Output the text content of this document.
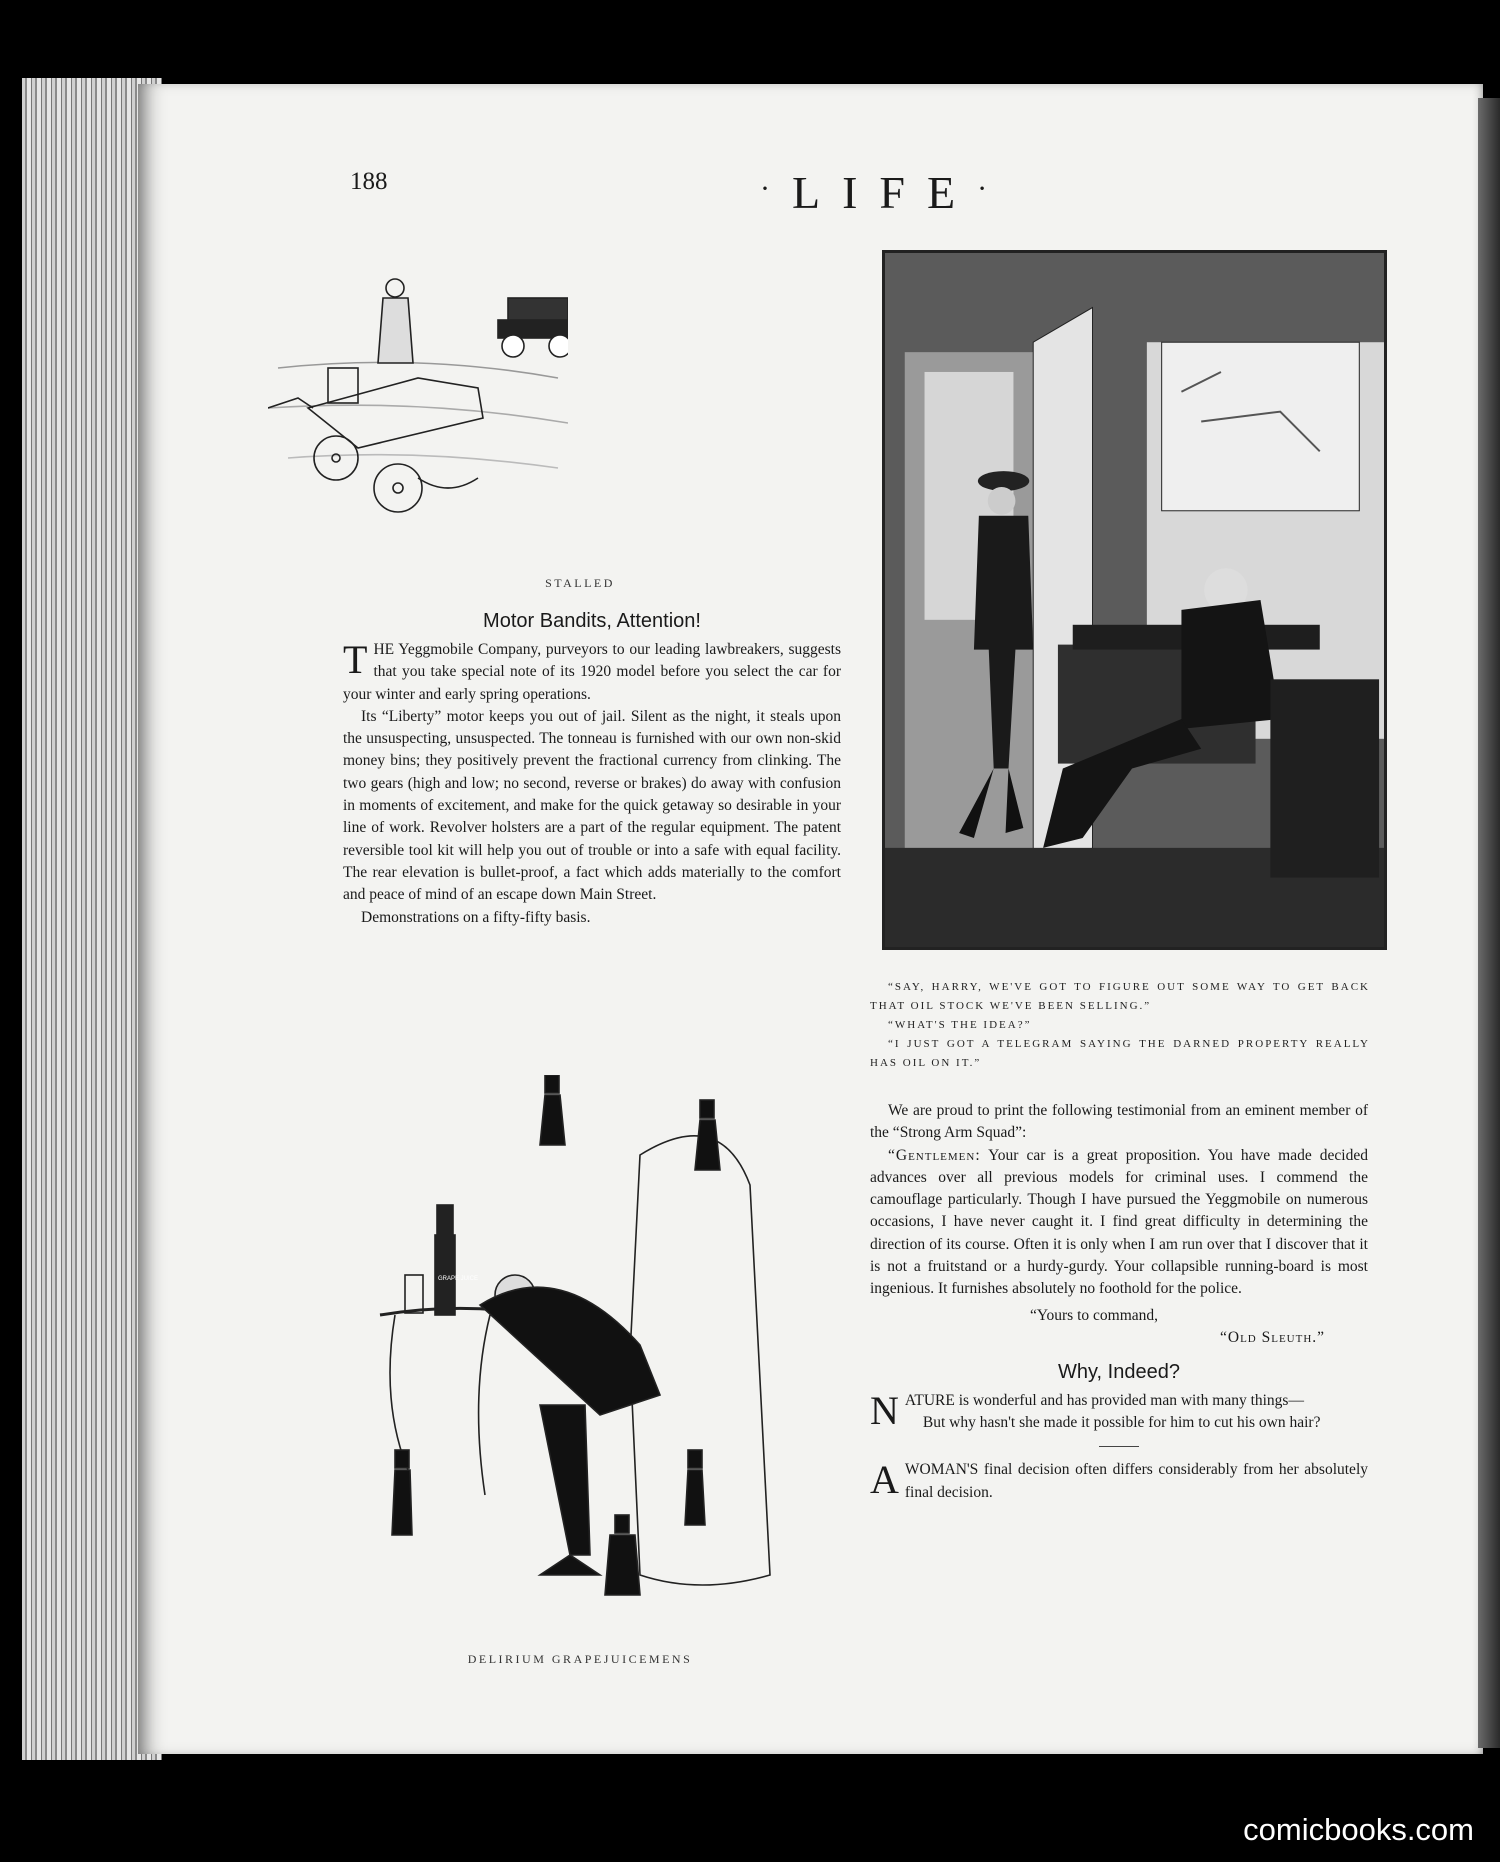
188	·LIFE·
STALLED
Motor Bandits, Attention!

THE Yeggmobile Company, purveyors to our leading lawbreakers, suggests that you take special note of its 1920 model before you select the car for your winter and early spring operations.

Its “Liberty” motor keeps you out of jail. Silent as the night, it steals upon the unsuspecting, unsuspected. The tonneau is furnished with our own non-skid money bins; they positively prevent the fractional currency from clinking. The two gears (high and low; no second, reverse or brakes) do away with confusion in moments of excitement, and make for the quick getaway so desirable in your line of work. Revolver holsters are a part of the regular equipment. The patent reversible tool kit will help you out of trouble or into a safe with equal facility. The rear elevation is bullet-proof, a fact which adds materially to the comfort and peace of mind of an escape down Main Street.

Demonstrations on a fifty-fifty basis.

“SAY, HARRY, WE'VE GOT TO FIGURE OUT SOME WAY TO GET BACK THAT OIL STOCK WE'VE BEEN SELLING.”
“WHAT'S THE IDEA?”
“I JUST GOT A TELEGRAM SAYING THE DARNED PROPERTY REALLY HAS OIL ON IT.”
GRAPE JUICE
DELIRIUM GRAPEJUICEMENS

We are proud to print the following testimonial from an eminent member of the “Strong Arm Squad”:

“Gentlemen: Your car is a great proposition. You have made decided advances over all previous models for criminal uses. I commend the camouflage particularly. Though I have pursued the Yeggmobile on numerous occasions, I have never caught it. I find great difficulty in determining the direction of its course. Often it is only when I am run over that I discover that it is not a fruitstand or a hurdy-gurdy. Your collapsible running-board is most ingenious. It furnishes absolutely no foothold for the police.

“Yours to command,
“Old Sleuth.”
Why, Indeed?

NATURE is wonderful and has provided man with many things—

But why hasn't she made it possible for him to cut his own hair?

AWOMAN'S final decision often differs considerably from her absolutely final decision.

comicbooks.com
